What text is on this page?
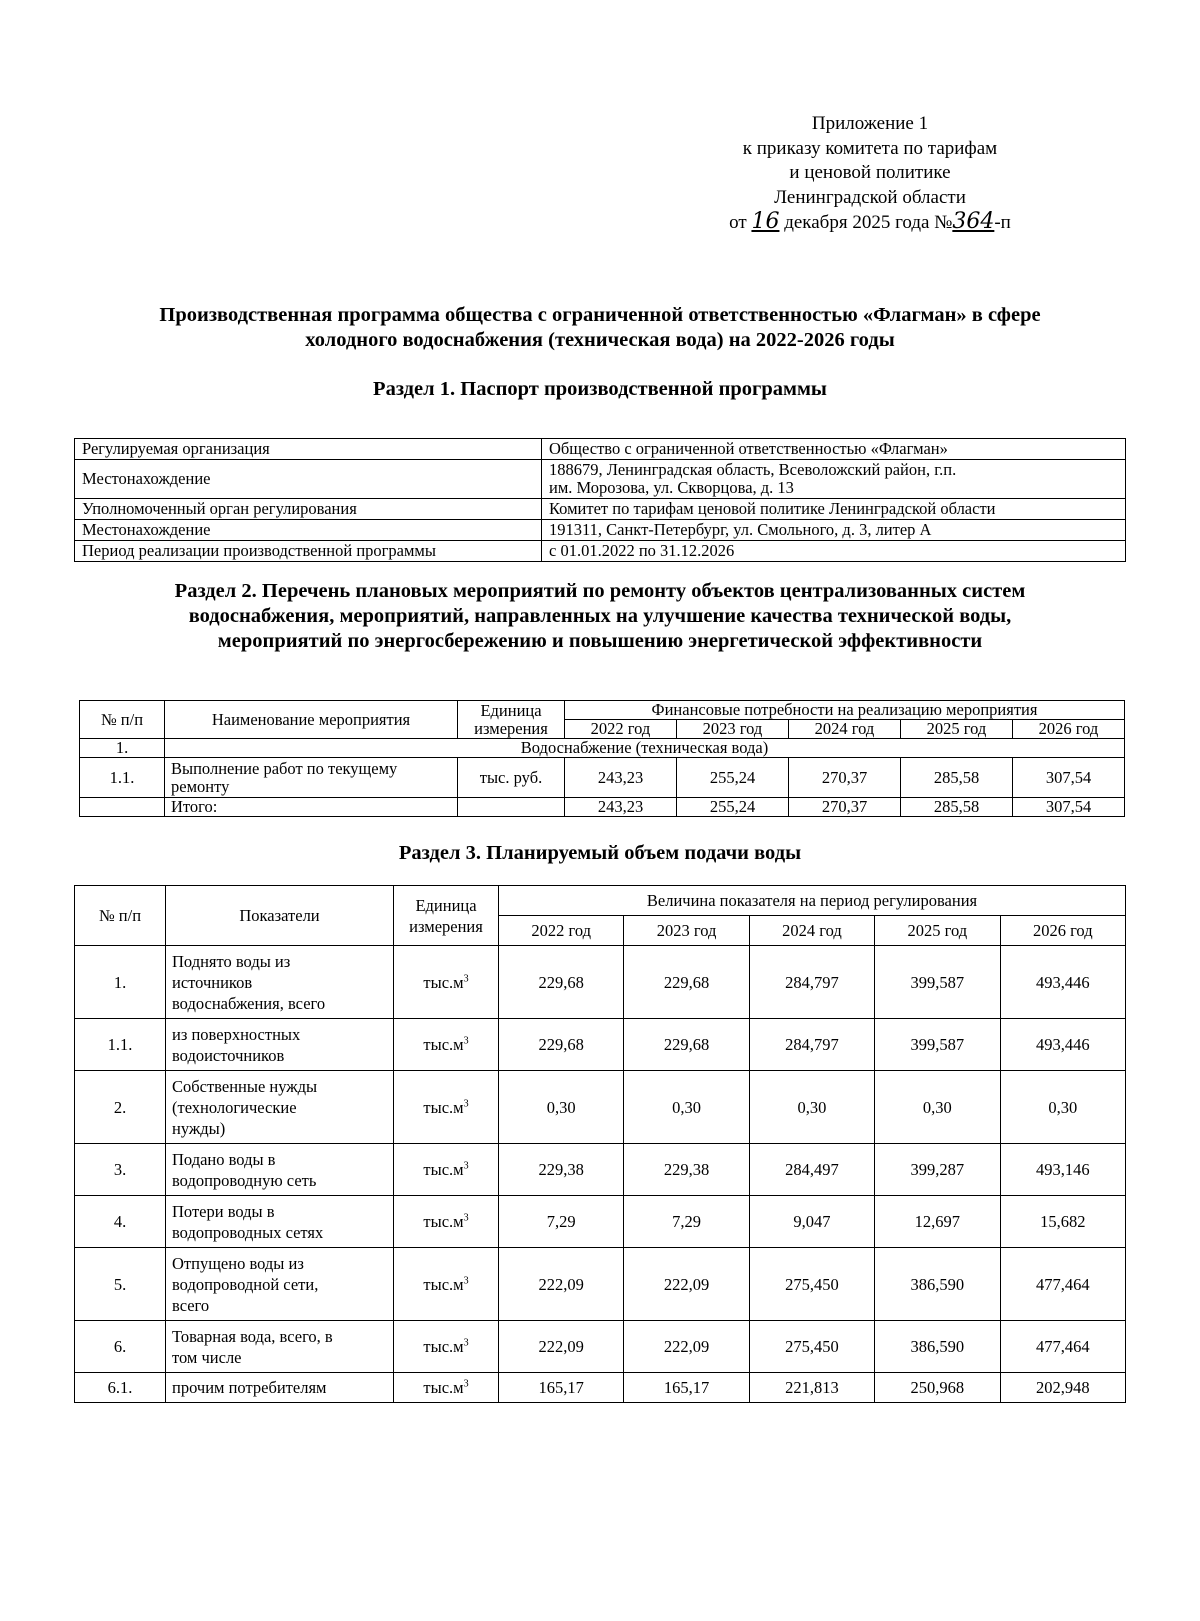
Приложение 1
к приказу комитета по тарифам
и ценовой политике
Ленинградской области
от 16 декабря 2025 года №364-п
Производственная программа общества с ограниченной ответственностью «Флагман» в сфере
холодного водоснабжения (техническая вода) на 2022-2026 годы
Раздел 1. Паспорт производственной программы
Регулируемая организация	Общество с ограниченной ответственностью «Флагман»
Местонахождение	188679, Ленинградская область, Всеволожский район, г.п.
им. Морозова, ул. Скворцова, д. 13

Уполномоченный орган регулирования	Комитет по тарифам ценовой политике Ленинградской области
Местонахождение	191311, Санкт-Петербург, ул. Смольного, д. 3, литер А
Период реализации производственной программы	с 01.01.2022 по 31.12.2026
Раздел 2. Перечень плановых мероприятий по ремонту объектов централизованных систем
водоснабжения, мероприятий, направленных на улучшение качества технической воды,
мероприятий по энергосбережению и повышению энергетической эффективности
№ п/п	Наименование мероприятия	Единица
измерения	Финансовые потребности на реализацию мероприятия				
			2022 год	2023 год	2024 год	2025 год	2026 год
1.	Водоснабжение (техническая вода)						
1.1.	Выполнение работ по текущему
ремонту	тыс. руб.	243,23	255,24	270,37	285,58	307,54
	Итого:		243,23	255,24	270,37	285,58	307,54
Раздел 3. Планируемый объем подачи воды
№ п/п	Показатели	Единица
измерения	Величина показателя на период регулирования				
			2022 год	2023 год	2024 год	2025 год	2026 год
1.	Поднято воды из
источников
водоснабжения, всего	$тыс.м^3$	229,68	229,68	284,797	399,587	493,446
1.1.	из поверхностных
водоисточников	$тыс.м^3$	229,68	229,68	284,797	399,587	493,446
2.	Собственные нужды
(технологические
нужды)	$тыс.м^3$	0,30	0,30	0,30	0,30	0,30
3.	Подано воды в
водопроводную сеть	$тыс.м^3$	229,38	229,38	284,497	399,287	493,146
4.	Потери воды в
водопроводных сетях	$тыс.м^3$	7,29	7,29	9,047	12,697	15,682
5.	Отпущено воды из
водопроводной сети,
всего	$тыс.м^3$	222,09	222,09	275,450	386,590	477,464
6.	Товарная вода, всего, в
том числе	$тыс.м^3$	222,09	222,09	275,450	386,590	477,464
6.1.	прочим потребителям	$тыс.м^3$	165,17	165,17	221,813	250,968	202,948
